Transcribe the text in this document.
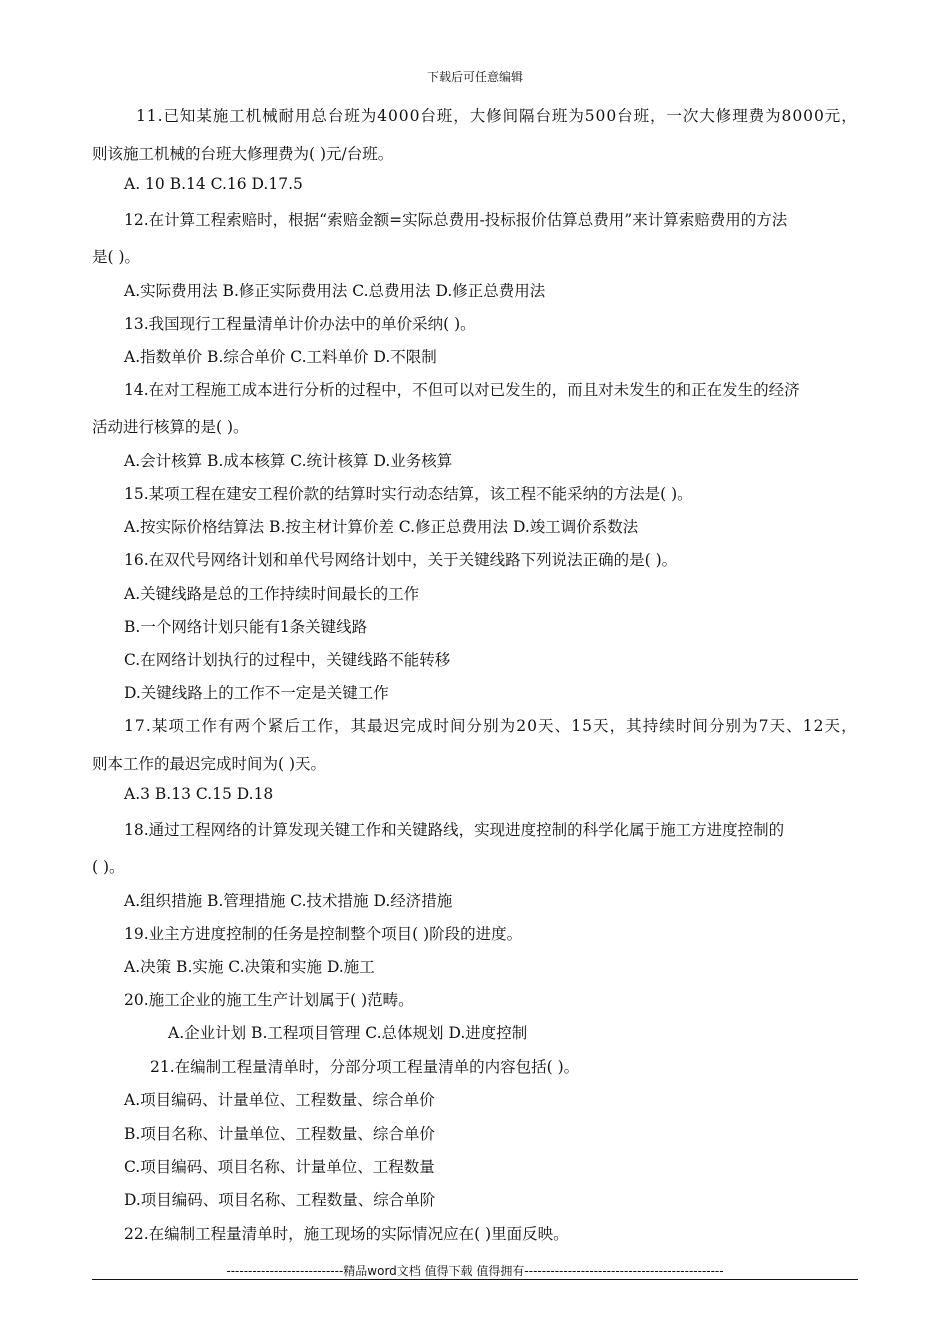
下载后可任意编辑
11.已知某施工机械耐用总台班为4000台班，大修间隔台班为500台班，一次大修理费为8000元，
则该施工机械的台班大修理费为( )元/台班。
A. 10 B.14 C.16 D.17.5
12.在计算工程索赔时，根据“索赔金额=实际总费用-投标报价估算总费用”来计算索赔费用的方法
是( )。
A.实际费用法 B.修正实际费用法 C.总费用法 D.修正总费用法
13.我国现行工程量清单计价办法中的单价采纳( )。
A.指数单价 B.综合单价 C.工料单价 D.不限制
14.在对工程施工成本进行分析的过程中，不但可以对已发生的，而且对未发生的和正在发生的经济
活动进行核算的是( )。
A.会计核算 B.成本核算 C.统计核算 D.业务核算
15.某项工程在建安工程价款的结算时实行动态结算，该工程不能采纳的方法是( )。
A.按实际价格结算法 B.按主材计算价差 C.修正总费用法 D.竣工调价系数法
16.在双代号网络计划和单代号网络计划中，关于关键线路下列说法正确的是( )。
A.关键线路是总的工作持续时间最长的工作
B.一个网络计划只能有1条关键线路
C.在网络计划执行的过程中，关键线路不能转移
D.关键线路上的工作不一定是关键工作
17.某项工作有两个紧后工作，其最迟完成时间分别为20天、15天，其持续时间分别为7天、12天，
则本工作的最迟完成时间为( )天。
A.3 B.13 C.15 D.18
18.通过工程网络的计算发现关键工作和关键路线，实现进度控制的科学化属于施工方进度控制的
( )。
A.组织措施 B.管理措施 C.技术措施 D.经济措施
19.业主方进度控制的任务是控制整个项目( )阶段的进度。
A.决策 B.实施 C.决策和实施 D.施工
20.施工企业的施工生产计划属于( )范畴。
A.企业计划 B.工程项目管理 C.总体规划 D.进度控制
21.在编制工程量清单时，分部分项工程量清单的内容包括( )。
A.项目编码、计量单位、工程数量、综合单价
B.项目名称、计量单位、工程数量、综合单价
C.项目编码、项目名称、计量单位、工程数量
D.项目编码、项目名称、工程数量、综合单阶
22.在编制工程量清单时，施工现场的实际情况应在( )里面反映。
---------------------------精品word文档 值得下载 值得拥有----------------------------------------------
